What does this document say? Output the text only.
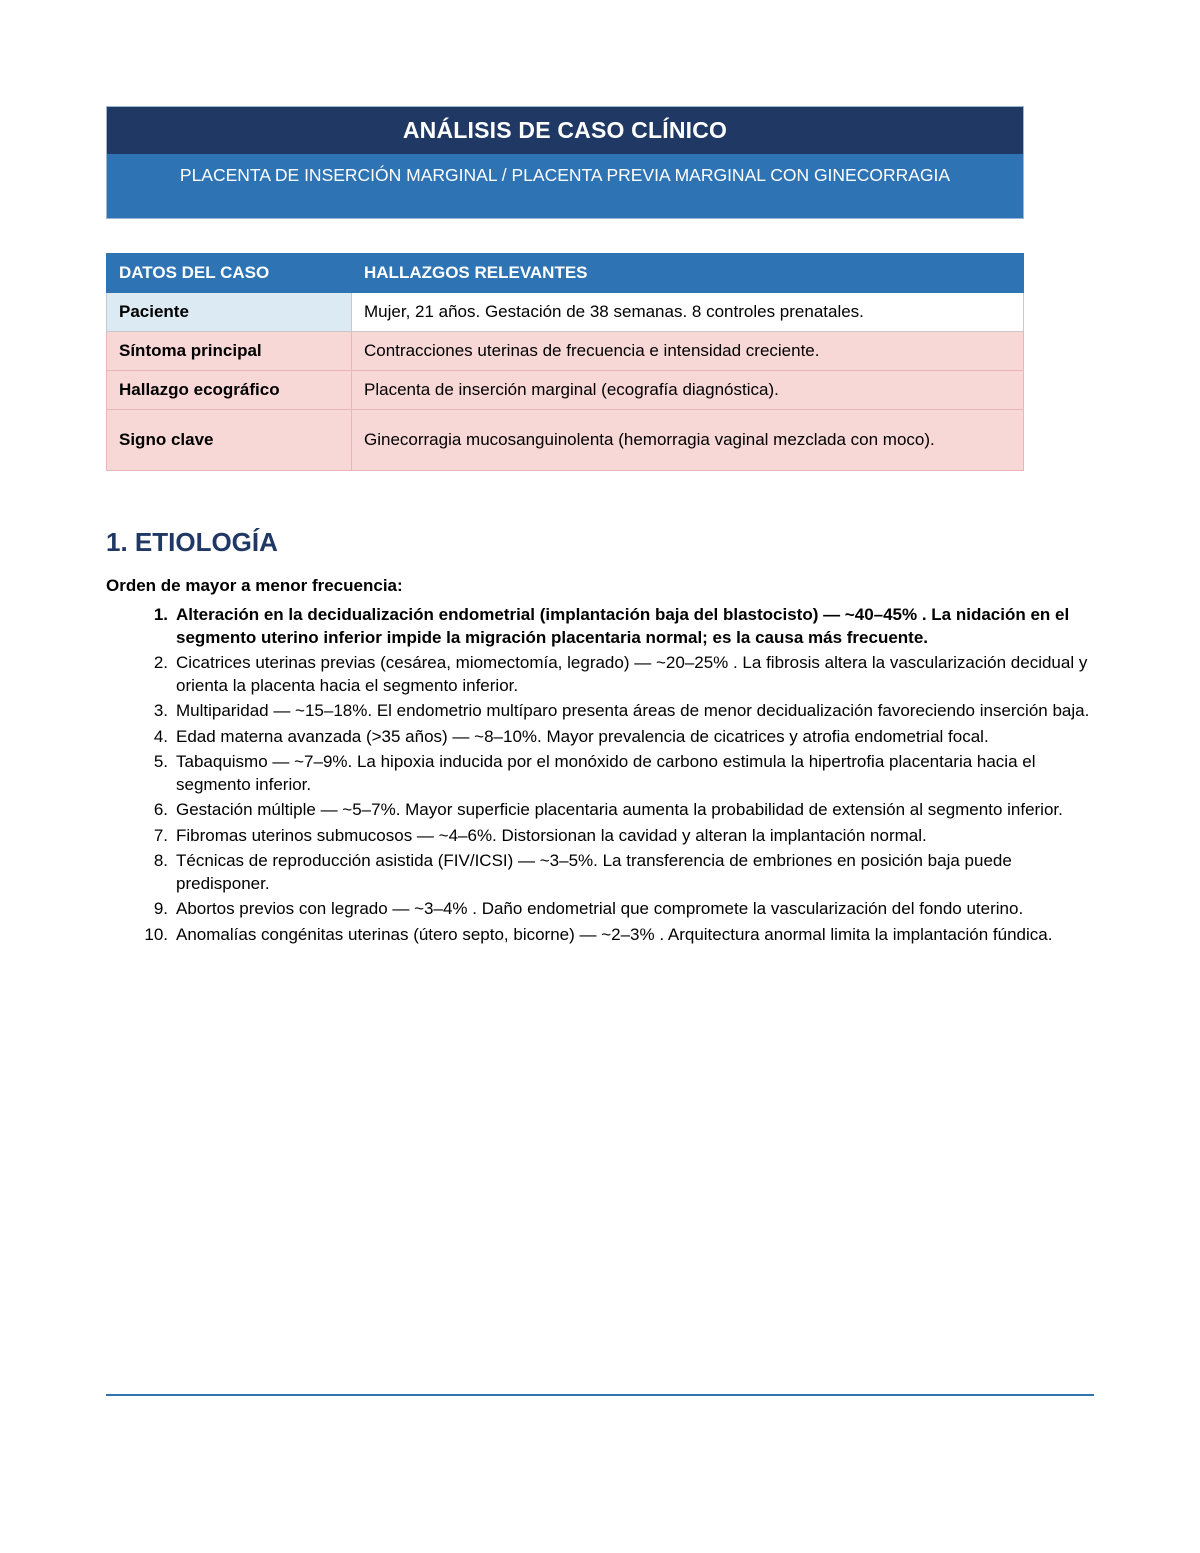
ANÁLISIS DE CASO CLÍNICO
PLACENTA DE INSERCIÓN MARGINAL / PLACENTA PREVIA MARGINAL CON GINECORRAGIA
DATOS DEL CASO	HALLAZGOS RELEVANTES
Paciente	Mujer, 21 años. Gestación de 38 semanas. 8 controles prenatales.
Síntoma principal	Contracciones uterinas de frecuencia e intensidad creciente.
Hallazgo ecográfico	Placenta de inserción marginal (ecografía diagnóstica).
Signo clave	Ginecorragia mucosanguinolenta (hemorragia vaginal mezclada con moco).
1. ETIOLOGÍA

Orden de mayor a menor frecuencia:

1. Alteración en la decidualización endometrial (implantación baja del blastocisto) — ~40–45% . La nidación en el segmento uterino inferior impide la migración placentaria normal; es la causa más frecuente.
2. Cicatrices uterinas previas (cesárea, miomectomía, legrado) — ~20–25% . La fibrosis altera la vascularización decidual y orienta la placenta hacia el segmento inferior.
3. Multiparidad — ~15–18%. El endometrio multíparo presenta áreas de menor decidualización favoreciendo inserción baja.
4. Edad materna avanzada (>35 años) — ~8–10%. Mayor prevalencia de cicatrices y atrofia endometrial focal.
5. Tabaquismo — ~7–9%. La hipoxia inducida por el monóxido de carbono estimula la hipertrofia placentaria hacia el segmento inferior.
6. Gestación múltiple — ~5–7%. Mayor superficie placentaria aumenta la probabilidad de extensión al segmento inferior.
7. Fibromas uterinos submucosos — ~4–6%. Distorsionan la cavidad y alteran la implantación normal.
8. Técnicas de reproducción asistida (FIV/ICSI) — ~3–5%. La transferencia de embriones en posición baja puede predisponer.
9. Abortos previos con legrado — ~3–4% . Daño endometrial que compromete la vascularización del fondo uterino.
10. Anomalías congénitas uterinas (útero septo, bicorne) — ~2–3% . Arquitectura anormal limita la implantación fúndica.
